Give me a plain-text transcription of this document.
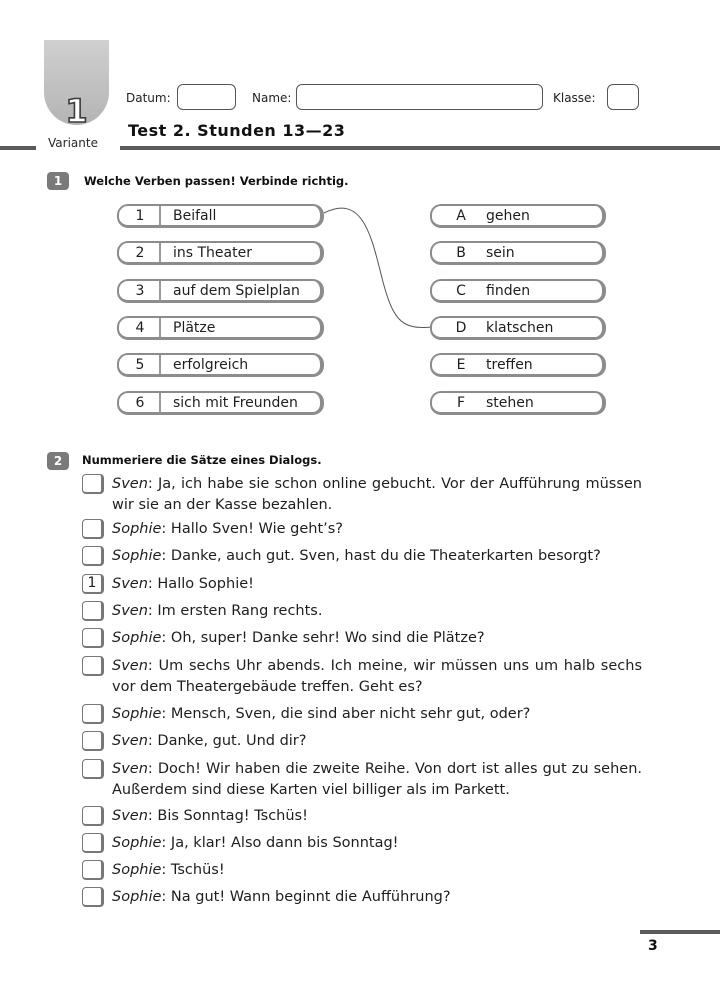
1
Variante
Datum:	Name:	Klasse:
Test 2. Stunden 13—23
1	Welche Verben passen! Verbinde richtig.
1	Beifall
2	ins Theater
3	auf dem Spielplan
4	Plätze
5	erfolgreich
6	sich mit Freunden
A	gehen
B	sein
C	finden
D	klatschen
E	treffen
F	stehen
2	Nummeriere die Sätze eines Dialogs.
Sven: Ja, ich habe sie schon online gebucht. Vor der Aufführung müssen wir sie an der Kasse bezahlen.
Sophie: Hallo Sven! Wie geht’s?
Sophie: Danke, auch gut. Sven, hast du die Theaterkarten besorgt?
1	Sven: Hallo Sophie!
Sven: Im ersten Rang rechts.
Sophie: Oh, super! Danke sehr! Wo sind die Plätze?
Sven: Um sechs Uhr abends. Ich meine, wir müssen uns um halb sechs vor dem Theatergebäude treffen. Geht es?
Sophie: Mensch, Sven, die sind aber nicht sehr gut, oder?
Sven: Danke, gut. Und dir?
Sven: Doch! Wir haben die zweite Reihe. Von dort ist alles gut zu sehen. Außerdem sind diese Karten viel billiger als im Parkett.
Sven: Bis Sonntag! Tschüs!
Sophie: Ja, klar! Also dann bis Sonntag!
Sophie: Tschüs!
Sophie: Na gut! Wann beginnt die Aufführung?
3
